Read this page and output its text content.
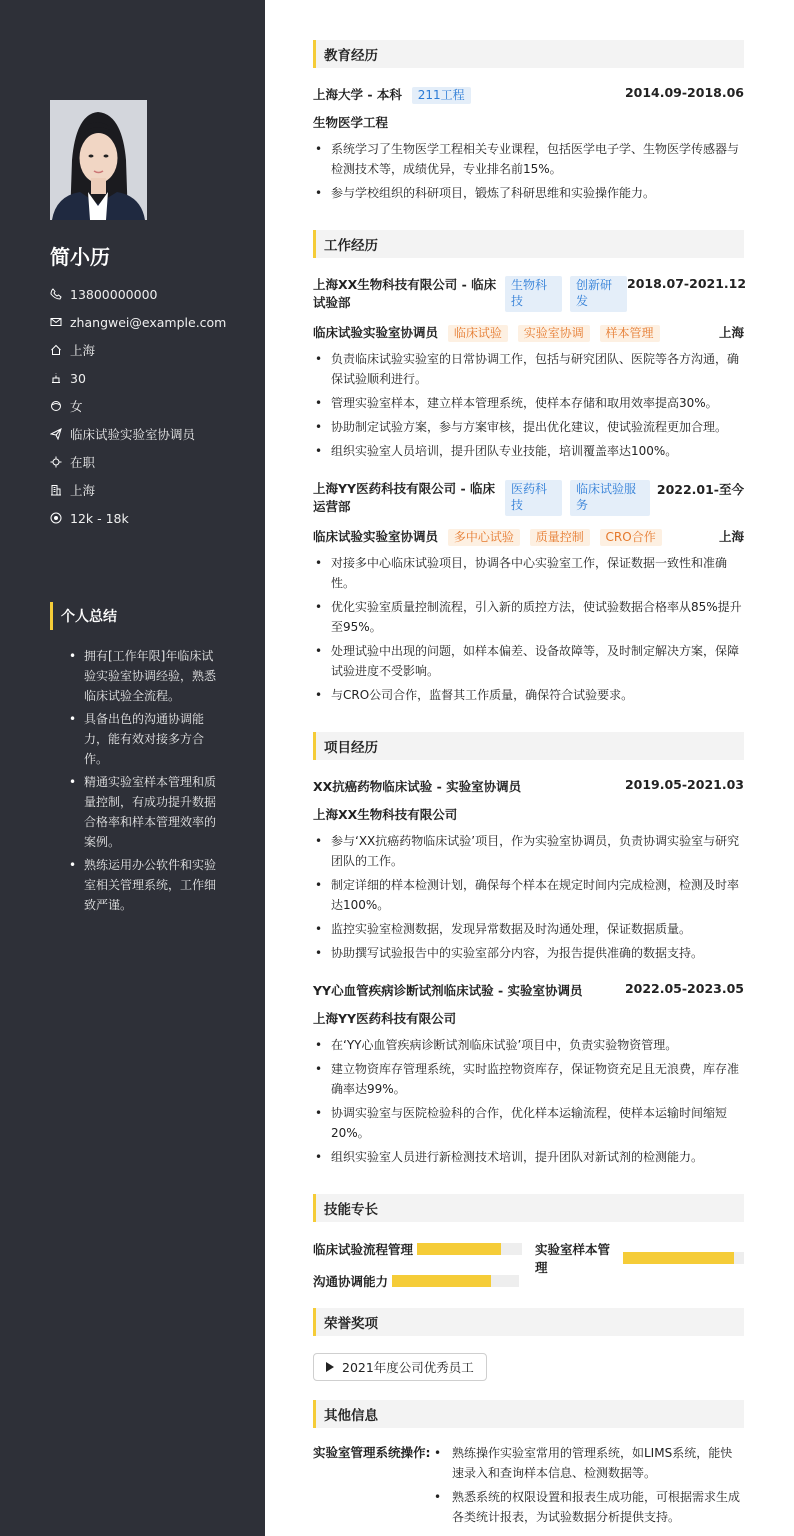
简小历
13800000000
zhangwei@example.com
上海
30
女
临床试验实验室协调员
在职
上海
12k - 18k
个人总结
• 拥有[工作年限]年临床试验实验室协调经验，熟悉临床试验全流程。
• 具备出色的沟通协调能力，能有效对接多方合作。
• 精通实验室样本管理和质量控制，有成功提升数据合格率和样本管理效率的案例。
• 熟练运用办公软件和实验室相关管理系统，工作细致严谨。
教育经历
上海大学 - 本科 211工程	2014.09-2018.06
生物医学工程
• 系统学习了生物医学工程相关专业课程，包括医学电子学、生物医学传感器与检测技术等，成绩优异，专业排名前15%。
• 参与学校组织的科研项目，锻炼了科研思维和实验操作能力。
工作经历
上海XX生物科技有限公司 - 临床试验部
生物科技
创新研发
2018.07-2021.12
临床试验实验室协调员 临床试验 实验室协调 样本管理	上海
• 负责临床试验实验室的日常协调工作，包括与研究团队、医院等各方沟通，确保试验顺利进行。
• 管理实验室样本，建立样本管理系统，使样本存储和取用效率提高30%。
• 协助制定试验方案，参与方案审核，提出优化建议，使试验流程更加合理。
• 组织实验室人员培训，提升团队专业技能，培训覆盖率达100%。
上海YY医药科技有限公司 - 临床运营部
医药科技
临床试验服务
2022.01-至今
临床试验实验室协调员 多中心试验 质量控制 CRO合作	上海
• 对接多中心临床试验项目，协调各中心实验室工作，保证数据一致性和准确性。
• 优化实验室质量控制流程，引入新的质控方法，使试验数据合格率从85%提升至95%。
• 处理试验中出现的问题，如样本偏差、设备故障等，及时制定解决方案，保障试验进度不受影响。
• 与CRO公司合作，监督其工作质量，确保符合试验要求。
项目经历
XX抗癌药物临床试验 - 实验室协调员	2019.05-2021.03
上海XX生物科技有限公司
• 参与‘XX抗癌药物临床试验’项目，作为实验室协调员，负责协调实验室与研究团队的工作。
• 制定详细的样本检测计划，确保每个样本在规定时间内完成检测，检测及时率达100%。
• 监控实验室检测数据，发现异常数据及时沟通处理，保证数据质量。
• 协助撰写试验报告中的实验室部分内容，为报告提供准确的数据支持。
YY心血管疾病诊断试剂临床试验 - 实验室协调员	2022.05-2023.05
上海YY医药科技有限公司
• 在‘YY心血管疾病诊断试剂临床试验’项目中，负责实验物资管理。
• 建立物资库存管理系统，实时监控物资库存，保证物资充足且无浪费，库存准确率达99%。
• 协调实验室与医院检验科的合作，优化样本运输流程，使样本运输时间缩短20%。
• 组织实验室人员进行新检测技术培训，提升团队对新试剂的检测能力。
技能专长
临床试验流程管理	实验室样本管理
沟通协调能力
荣誉奖项
2021年度公司优秀员工
其他信息
实验室管理系统操作:
•	熟练操作实验室常用的管理系统，如LIMS系统，能快速录入和查询样本信息、检测数据等。
• 熟悉系统的权限设置和报表生成功能，可根据需求生成各类统计报表，为试验数据分析提供支持。
